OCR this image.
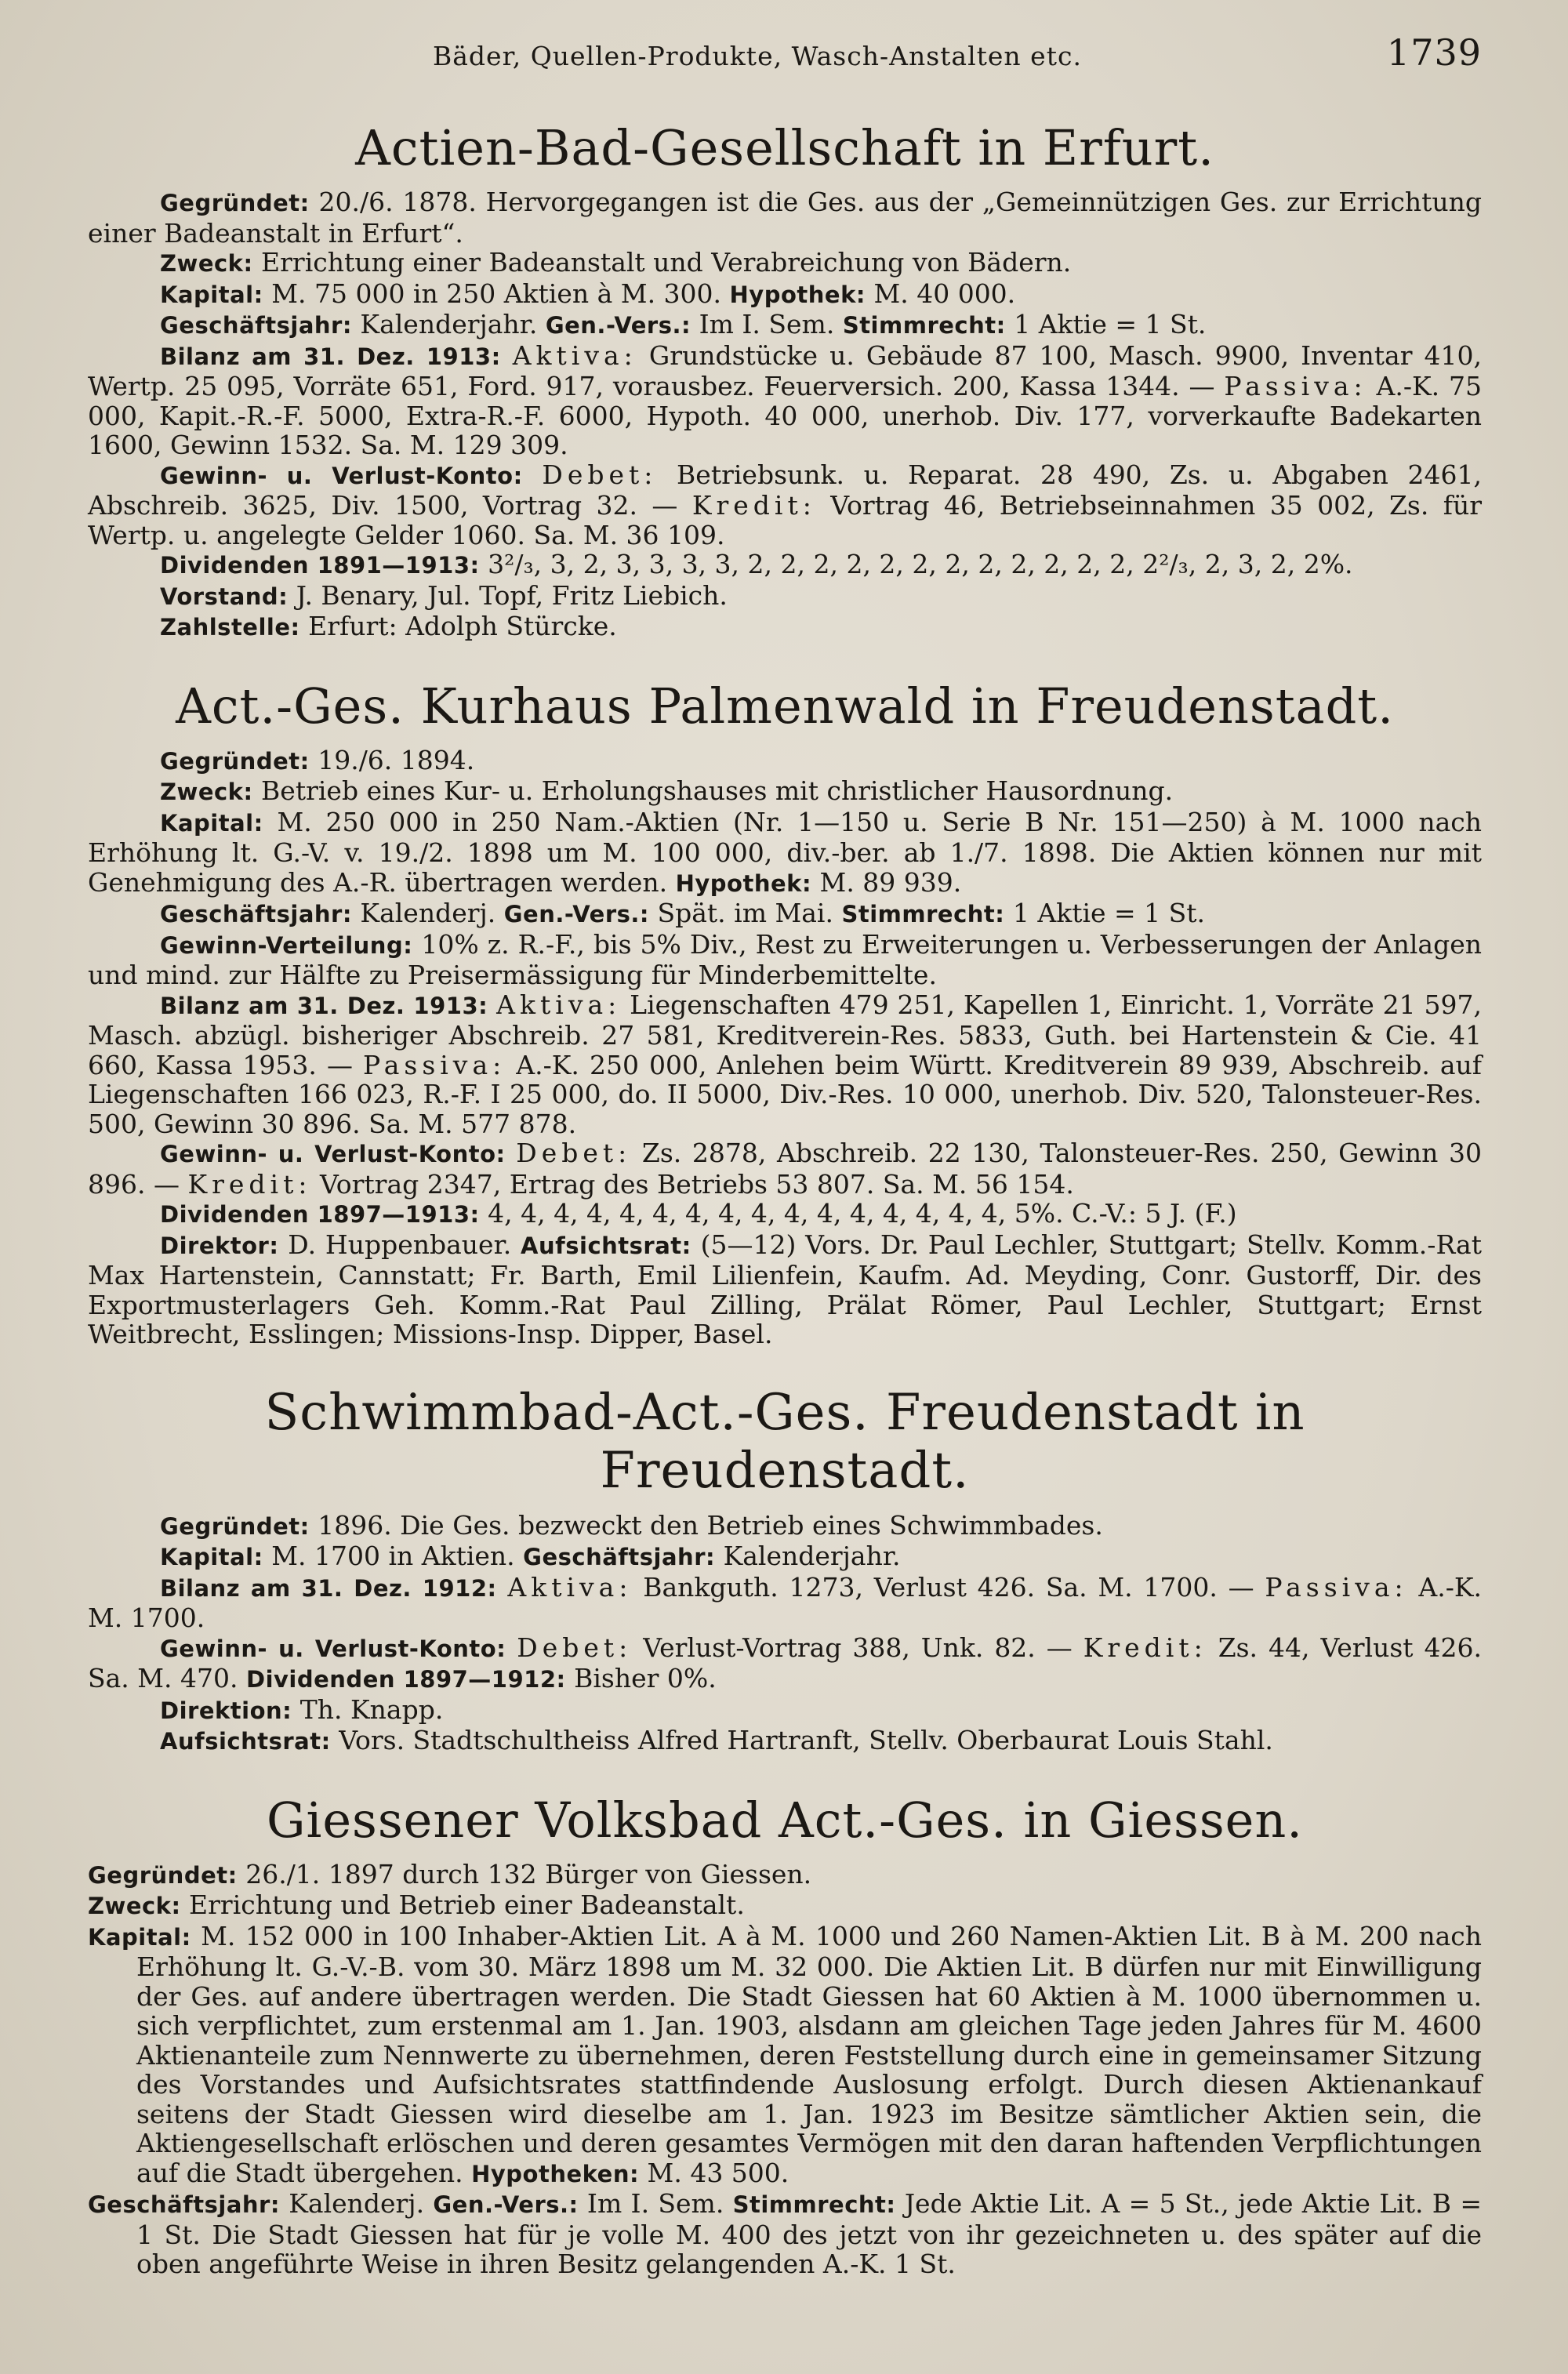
Bäder, Quellen-Produkte, Wasch-Anstalten etc.	1739
Actien-Bad-Gesellschaft in Erfurt.

Gegründet: 20./6. 1878. Hervorgegangen ist die Ges. aus der „Gemeinnützigen Ges. zur Errichtung einer Badeanstalt in Erfurt“.

Zweck: Errichtung einer Badeanstalt und Verabreichung von Bädern.

Kapital: M. 75 000 in 250 Aktien à M. 300. Hypothek: M. 40 000.

Geschäftsjahr: Kalenderjahr. Gen.-Vers.: Im I. Sem. Stimmrecht: 1 Aktie = 1 St.

Bilanz am 31. Dez. 1913: Aktiva: Grundstücke u. Gebäude 87 100, Masch. 9900, Inventar 410, Wertp. 25 095, Vorräte 651, Ford. 917, vorausbez. Feuerversich. 200, Kassa 1344. — Passiva: A.-K. 75 000, Kapit.-R.-F. 5000, Extra-R.-F. 6000, Hypoth. 40 000, unerhob. Div. 177, vorverkaufte Badekarten 1600, Gewinn 1532. Sa. M. 129 309.

Gewinn- u. Verlust-Konto: Debet: Betriebsunk. u. Reparat. 28 490, Zs. u. Abgaben 2461, Abschreib. 3625, Div. 1500, Vortrag 32. — Kredit: Vortrag 46, Betriebseinnahmen 35 002, Zs. für Wertp. u. angelegte Gelder 1060. Sa. M. 36 109.

Dividenden 1891—1913: 3²/₃, 3, 2, 3, 3, 3, 3, 2, 2, 2, 2, 2, 2, 2, 2, 2, 2, 2, 2, 2²/₃, 2, 3, 2, 2%.

Vorstand: J. Benary, Jul. Topf, Fritz Liebich.

Zahlstelle: Erfurt: Adolph Stürcke.

Act.-Ges. Kurhaus Palmenwald in Freudenstadt.

Gegründet: 19./6. 1894.

Zweck: Betrieb eines Kur- u. Erholungshauses mit christlicher Hausordnung.

Kapital: M. 250 000 in 250 Nam.-Aktien (Nr. 1—150 u. Serie B Nr. 151—250) à M. 1000 nach Erhöhung lt. G.-V. v. 19./2. 1898 um M. 100 000, div.-ber. ab 1./7. 1898. Die Aktien können nur mit Genehmigung des A.-R. übertragen werden. Hypothek: M. 89 939.

Geschäftsjahr: Kalenderj. Gen.-Vers.: Spät. im Mai. Stimmrecht: 1 Aktie = 1 St.

Gewinn-Verteilung: 10% z. R.-F., bis 5% Div., Rest zu Erweiterungen u. Verbesserungen der Anlagen und mind. zur Hälfte zu Preisermässigung für Minderbemittelte.

Bilanz am 31. Dez. 1913: Aktiva: Liegenschaften 479 251, Kapellen 1, Einricht. 1, Vorräte 21 597, Masch. abzügl. bisheriger Abschreib. 27 581, Kreditverein-Res. 5833, Guth. bei Hartenstein & Cie. 41 660, Kassa 1953. — Passiva: A.-K. 250 000, Anlehen beim Württ. Kreditverein 89 939, Abschreib. auf Liegenschaften 166 023, R.-F. I 25 000, do. II 5000, Div.-Res. 10 000, unerhob. Div. 520, Talonsteuer-Res. 500, Gewinn 30 896. Sa. M. 577 878.

Gewinn- u. Verlust-Konto: Debet: Zs. 2878, Abschreib. 22 130, Talonsteuer-Res. 250, Gewinn 30 896. — Kredit: Vortrag 2347, Ertrag des Betriebs 53 807. Sa. M. 56 154.

Dividenden 1897—1913: 4, 4, 4, 4, 4, 4, 4, 4, 4, 4, 4, 4, 4, 4, 4, 4, 5%. C.-V.: 5 J. (F.)

Direktor: D. Huppenbauer. Aufsichtsrat: (5—12) Vors. Dr. Paul Lechler, Stuttgart; Stellv. Komm.-Rat Max Hartenstein, Cannstatt; Fr. Barth, Emil Lilienfein, Kaufm. Ad. Meyding, Conr. Gustorff, Dir. des Exportmusterlagers Geh. Komm.-Rat Paul Zilling, Prälat Römer, Paul Lechler, Stuttgart; Ernst Weitbrecht, Esslingen; Missions-Insp. Dipper, Basel.

Schwimmbad-Act.-Ges. Freudenstadt in Freudenstadt.

Gegründet: 1896. Die Ges. bezweckt den Betrieb eines Schwimmbades.

Kapital: M. 1700 in Aktien. Geschäftsjahr: Kalenderjahr.

Bilanz am 31. Dez. 1912: Aktiva: Bankguth. 1273, Verlust 426. Sa. M. 1700. — Passiva: A.-K. M. 1700.

Gewinn- u. Verlust-Konto: Debet: Verlust-Vortrag 388, Unk. 82. — Kredit: Zs. 44, Verlust 426. Sa. M. 470. Dividenden 1897—1912: Bisher 0%.

Direktion: Th. Knapp.

Aufsichtsrat: Vors. Stadtschultheiss Alfred Hartranft, Stellv. Oberbaurat Louis Stahl.

Giessener Volksbad Act.-Ges. in Giessen.

Gegründet: 26./1. 1897 durch 132 Bürger von Giessen.

Zweck: Errichtung und Betrieb einer Badeanstalt.

Kapital: M. 152 000 in 100 Inhaber-Aktien Lit. A à M. 1000 und 260 Namen-Aktien Lit. B à M. 200 nach Erhöhung lt. G.-V.-B. vom 30. März 1898 um M. 32 000. Die Aktien Lit. B dürfen nur mit Einwilligung der Ges. auf andere übertragen werden. Die Stadt Giessen hat 60 Aktien à M. 1000 übernommen u. sich verpflichtet, zum erstenmal am 1. Jan. 1903, alsdann am gleichen Tage jeden Jahres für M. 4600 Aktienanteile zum Nennwerte zu übernehmen, deren Feststellung durch eine in gemeinsamer Sitzung des Vorstandes und Aufsichtsrates stattfindende Auslosung erfolgt. Durch diesen Aktienankauf seitens der Stadt Giessen wird dieselbe am 1. Jan. 1923 im Besitze sämtlicher Aktien sein, die Aktiengesellschaft erlöschen und deren gesamtes Vermögen mit den daran haftenden Verpflichtungen auf die Stadt übergehen. Hypotheken: M. 43 500.

Geschäftsjahr: Kalenderj. Gen.-Vers.: Im I. Sem. Stimmrecht: Jede Aktie Lit. A = 5 St., jede Aktie Lit. B = 1 St. Die Stadt Giessen hat für je volle M. 400 des jetzt von ihr gezeichneten u. des später auf die oben angeführte Weise in ihren Besitz gelangenden A.-K. 1 St.
